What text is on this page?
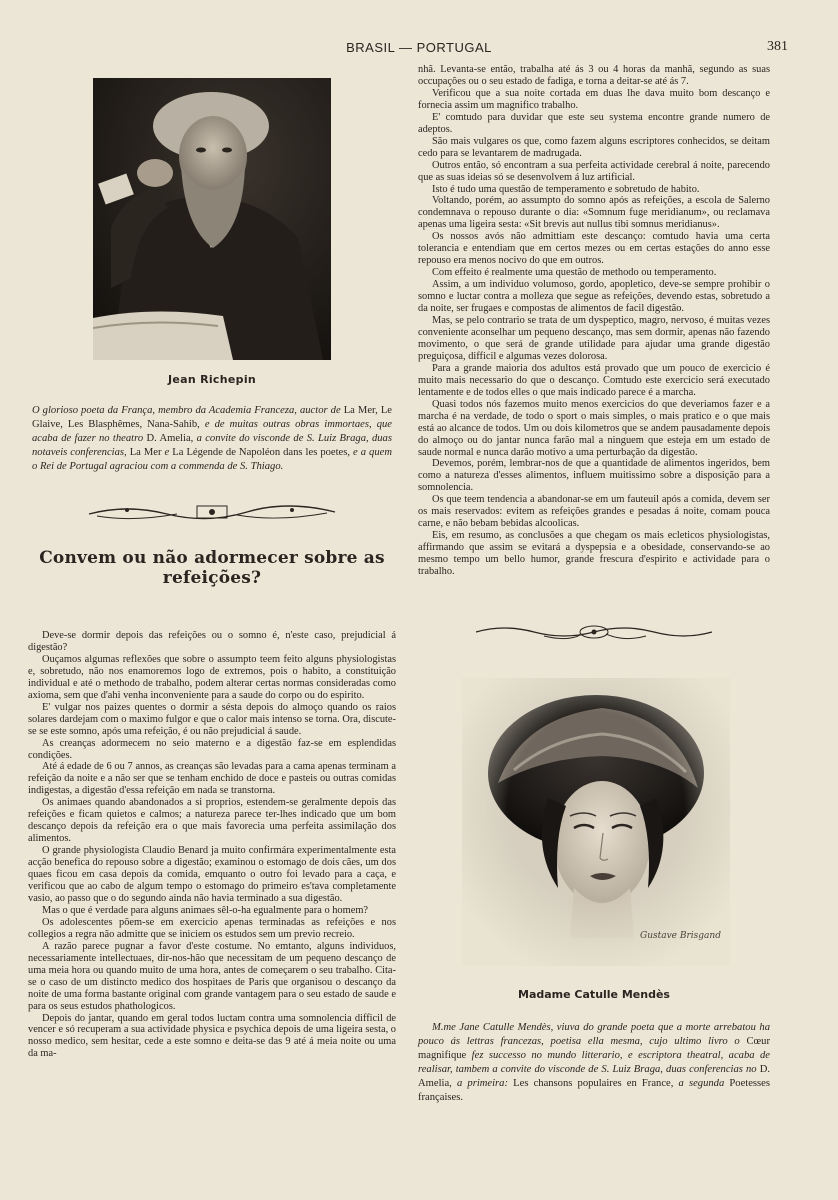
BRASIL — PORTUGAL	381
Jean Richepin
O glorioso poeta da França, membro da Academia Franceza, auctor de La Mer, Le Glaive, Les Blasphêmes, Nana-Sahib, e de muitas outras obras immortaes, que acaba de fazer no theatro D. Amelia, a convite do visconde de S. Luiz Braga, duas notaveis conferencias, La Mer e La Légende de Napoléon dans les poetes, e a quem o Rei de Portugal agraciou com a commenda de S. Thiago.
Convem ou não adormecer sobre as refeições?

Deve-se dormir depois das refeições ou o somno é, n'este caso, prejudicial á digestão?

Ouçamos algumas reflexões que sobre o assumpto teem feito alguns physiologistas e, sobretudo, não nos enamoremos logo de extremos, pois o habito, a constituição individual e até o methodo de trabalho, podem alterar certas normas consideradas como axioma, sem que d'ahi venha inconveniente para a saude do corpo ou do espirito.

E' vulgar nos paizes quentes o dormir a sésta depois do almoço quando os raios solares dardejam com o maximo fulgor e que o calor mais intenso se torna. Ora, discute-se se este somno, após uma refeição, é ou não prejudicial á saude.

As creanças adormecem no seio materno e a digestão faz-se em esplendidas condições.

Até á edade de 6 ou 7 annos, as creanças são levadas para a cama apenas terminam a refeição da noite e a não ser que se tenham enchido de doce e pasteis ou outras comidas indigestas, a digestão d'essa refeição em nada se transtorna.

Os animaes quando abandonados a si proprios, estendem-se geralmente depois das refeições e ficam quietos e calmos; a natureza parece ter-lhes indicado que um bom descanço depois da refeição era o que mais favorecia uma perfeita assimilação dos alimentos.

O grande physiologista Claudio Benard ja muito confirmára experimentalmente esta acção benefica do repouso sobre a digestão; examinou o estomago de dois cães, um dos quaes ficou em casa depois da comida, emquanto o outro foi levado para a caça, e verificou que ao cabo de algum tempo o estomago do primeiro es'tava completamente vasio, ao passo que o do segundo ainda não havia terminado a sua digestão.

Mas o que é verdade para alguns animaes sêl-o-ha egualmente para o homem?

Os adolescentes põem-se em exercicio apenas terminadas as refeições e nos collegios a regra não admitte que se iniciem os estudos sem um previo recreio.

A razão parece pugnar a favor d'este costume. No emtanto, alguns individuos, necessariamente intellectuaes, dir-nos-hão que necessitam de um pequeno descanço de uma meia hora ou quando muito de uma hora, antes de começarem o seu trabalho. Cita-se o caso de um distincto medico dos hospitaes de Paris que organisou o descanço da noite de uma forma bastante original com grande vantagem para o seu estado de saude e para os seus estudos phathologicos.

Depois do jantar, quando em geral todos luctam contra uma somnolencia difficil de vencer e só recuperam a sua actividade physica e psychica depois de uma ligeira sesta, o nosso medico, sem hesitar, cede a este somno e deita-se das 9 até á meia noite ou uma da ma-

nhã. Levanta-se então, trabalha até ás 3 ou 4 horas da manhã, segundo as suas occupações ou o seu estado de fadiga, e torna a deitar-se até ás 7.

Verificou que a sua noite cortada em duas lhe dava muito bom descanço e fornecia assim um magnifico trabalho.

E' comtudo para duvidar que este seu systema encontre grande numero de adeptos.

São mais vulgares os que, como fazem alguns escriptores conhecidos, se deitam cedo para se levantarem de madrugada.

Outros então, só encontram a sua perfeita actividade cerebral á noite, parecendo que as suas ideias só se desenvolvem á luz artificial.

Isto é tudo uma questão de temperamento e sobretudo de habito.

Voltando, porém, ao assumpto do somno após as refeições, a escola de Salerno condemnava o repouso durante o dia: «Somnum fuge meridianum», ou reclamava apenas uma ligeira sesta: «Sit brevis aut nullus tibi somnus meridianus».

Os nossos avós não admittiam este descanço: comtudo havia uma certa tolerancia e entendiam que em certos mezes ou em certas estações do anno esse repouso era menos nocivo do que em outros.

Com effeito é realmente uma questão de methodo ou temperamento.

Assim, a um individuo volumoso, gordo, apopletico, deve-se sempre prohibir o somno e luctar contra a molleza que segue as refeições, devendo estas, sobretudo a da noite, ser frugaes e compostas de alimentos de facil digestão.

Mas, se pelo contrario se trata de um dyspeptico, magro, nervoso, é muitas vezes conveniente aconselhar um pequeno descanço, mas sem dormir, apenas não fazendo movimento, o que será de grande utilidade para ajudar uma grande digestão preguiçosa, difficil e algumas vezes dolorosa.

Para a grande maioria dos adultos está provado que um pouco de exercicio é muito mais necessario do que o descanço. Comtudo este exercicio será executado lentamente e de todos elles o que mais indicado parece é a marcha.

Quasi todos nós fazemos muito menos exercicios do que deveriamos fazer e a marcha é na verdade, de todo o sport o mais simples, o mais pratico e o que mais está ao alcance de todos. Um ou dois kilometros que se andem pausadamente depois do almoço ou do jantar nunca farão mal a ninguem que esteja em um estado de saude normal e nunca darão motivo a uma perturbação da digestão.

Devemos, porém, lembrar-nos de que a quantidade de alimentos ingeridos, bem como a natureza d'esses alimentos, influem muitissimo sobre a disposição para a somnolencia.

Os que teem tendencia a abandonar-se em um fauteuil após a comida, devem ser os mais reservados: evitem as refeições grandes e pesadas á noite, comam pouca carne, e não bebam bebidas alcoolicas.

Eis, em resumo, as conclusões a que chegam os mais ecleticos physiologistas, affirmando que assim se evitará a dyspepsia e a obesidade, conservando-se ao mesmo tempo um bello humor, grande frescura d'espirito e actividade para o trabalho.

Gustave Brisgand
Madame Catulle Mendès
M.me Jane Catulle Mendès, viuva do grande poeta que a morte arrebatou ha pouco ás lettras francezas, poetisa ella mesma, cujo ultimo livro o Cœur magnifique fez successo no mundo litterario, e escriptora theatral, acaba de realisar, tambem a convite do visconde de S. Luiz Braga, duas conferencias no D. Amelia, a primeira: Les chansons populaires en France, a segunda Poetesses françaises.
